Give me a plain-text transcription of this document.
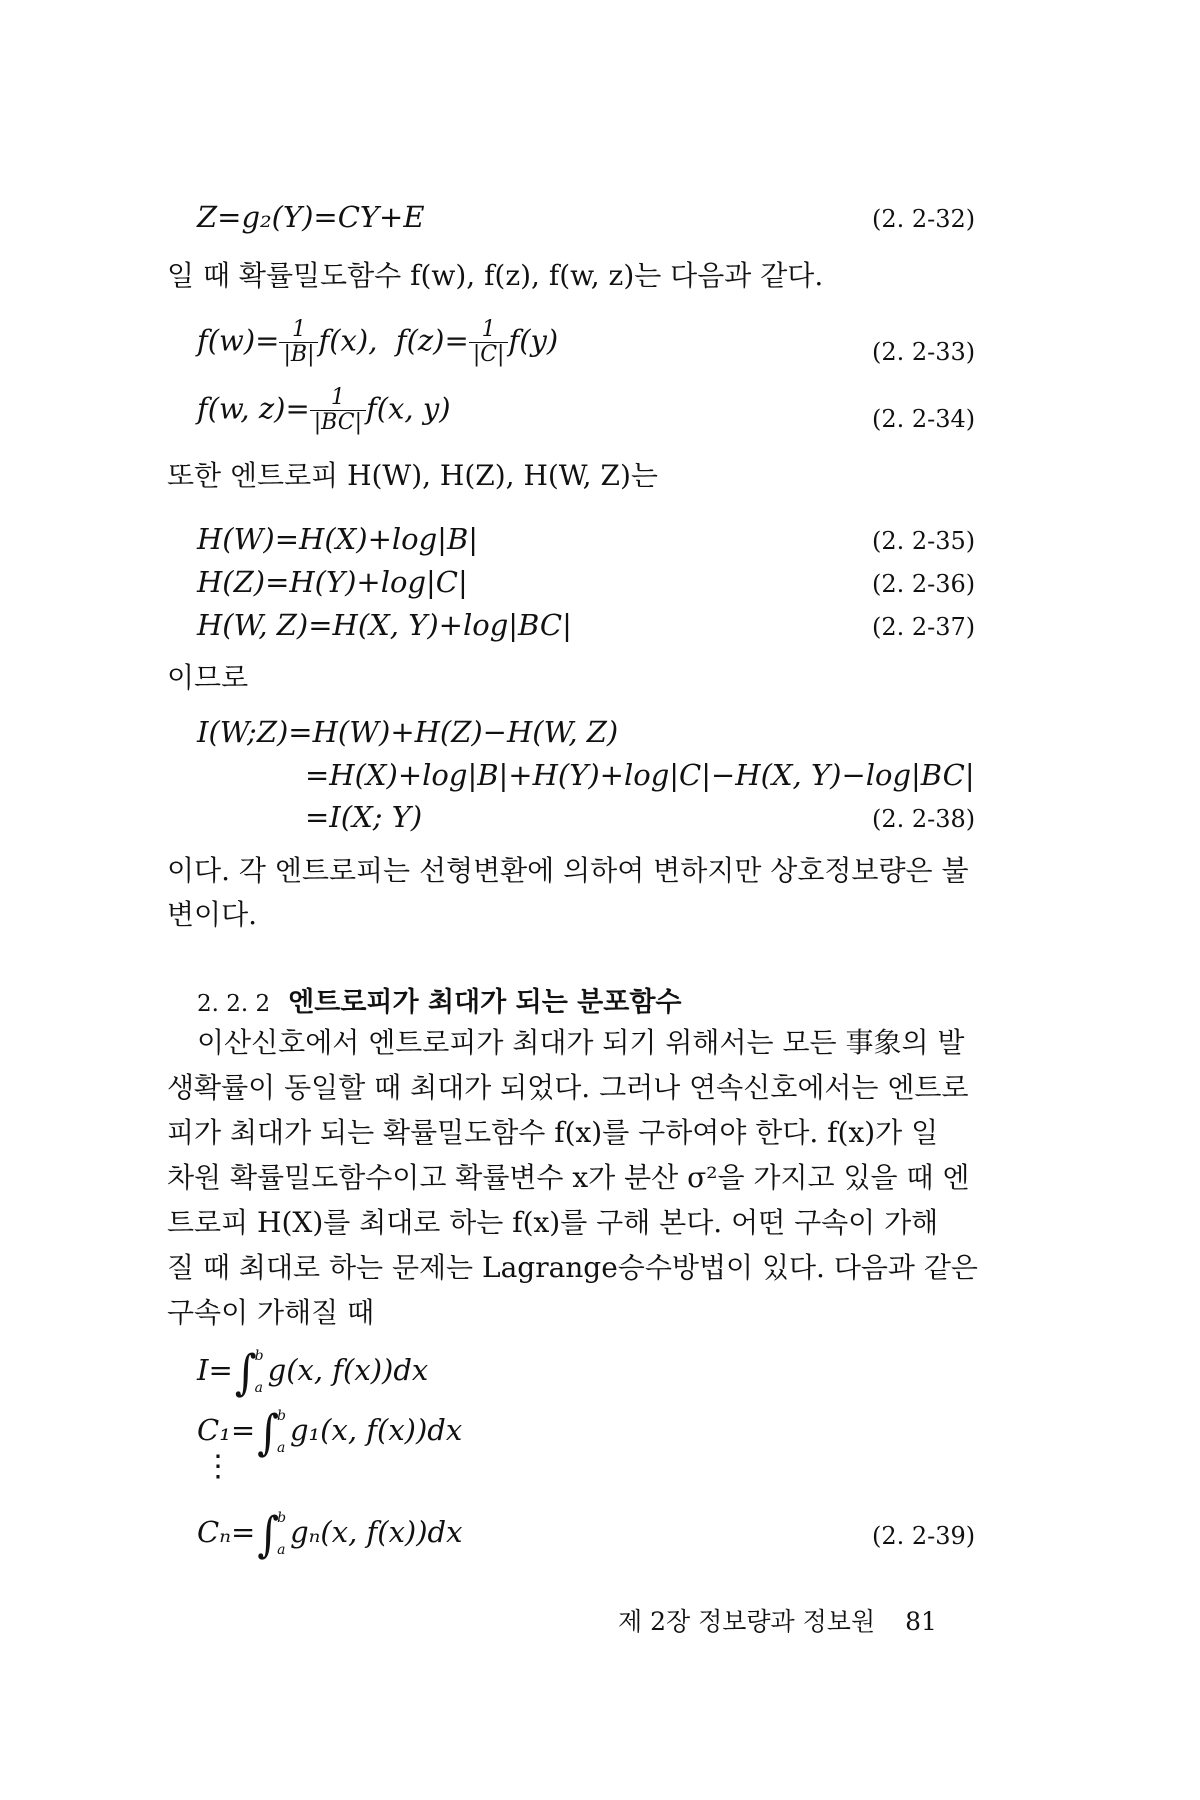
Z=g₂(Y)=CY+E	(2. 2-32)
일 때 확률밀도함수 f(w), f(z), f(w, z)는 다음과 같다.
$f(w)= \frac{1}{|B|} f(x)$, $f(z)= \frac{1}{|C|} f(y)$	(2. 2-33)
f(w, $z)= \frac{1}{|BC|} f(x$, y)	(2. 2-34)
또한 엔트로피 H(W), H(Z), H(W, Z)는
H(W)=H(X)+log|B|	(2. 2-35)
H(Z)=H(Y)+log|C|	(2. 2-36)
H(W, Z)=H(X, Y)+log|BC|	(2. 2-37)
이므로
I(W;Z)=H(W)+H(Z)−H(W, Z)
=H(X)+log|B|+H(Y)+log|C|−H(X, Y)−log|BC|
=I(X; Y)	(2. 2-38)
이다. 각 엔트로피는 선형변환에 의하여 변하지만 상호정보량은 불
변이다.
2. 2. 2 엔트로피가 최대가 되는 분포함수
이산신호에서 엔트로피가 최대가 되기 위해서는 모든 事象의 발
생확률이 동일할 때 최대가 되었다. 그러나 연속신호에서는 엔트로
피가 최대가 되는 확률밀도함수 f(x)를 구하여야 한다. f(x)가 일
차원 확률밀도함수이고 확률변수 x가 분산 σ²을 가지고 있을 때 엔
트로피 H(X)를 최대로 하는 f(x)를 구해 본다. 어떤 구속이 가해
질 때 최대로 하는 문제는 Lagrange승수방법이 있다. 다음과 같은
구속이 가해질 때
I=∫
b
a
g(x, f(x))dx
C₁=∫
b
a
g₁(x, f(x))dx
⋮
Cₙ=∫
b
a
gₙ(x, f(x))dx	(2. 2-39)
제 2장 정보량과 정보원 81
